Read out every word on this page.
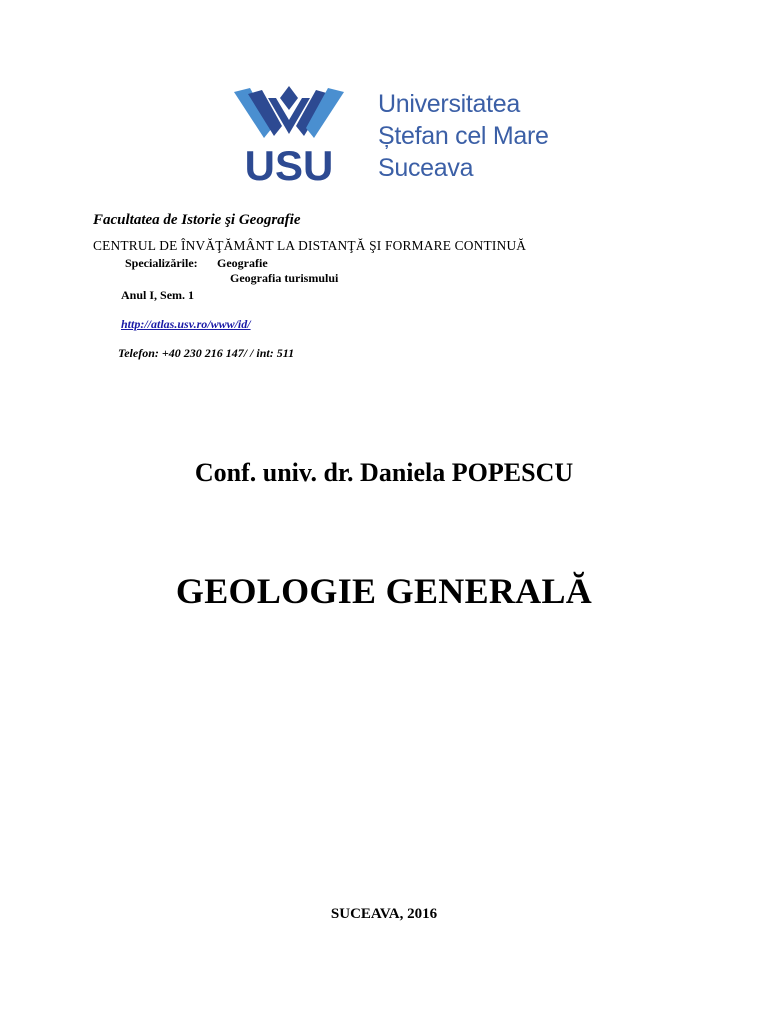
USU
Universitatea
Ștefan cel Mare
Suceava
Facultatea de Istorie şi Geografie
CENTRUL DE ÎNVĂŢĂMÂNT LA DISTANŢĂ ŞI FORMARE CONTINUĂ
Specializările: Geografie
Geografia turismului
Anul I, Sem. 1
http://atlas.usv.ro/www/id/
Telefon: +40 230 216 147/ / int: 511
Conf. univ. dr. Daniela POPESCU
GEOLOGIE GENERALĂ
SUCEAVA, 2016
